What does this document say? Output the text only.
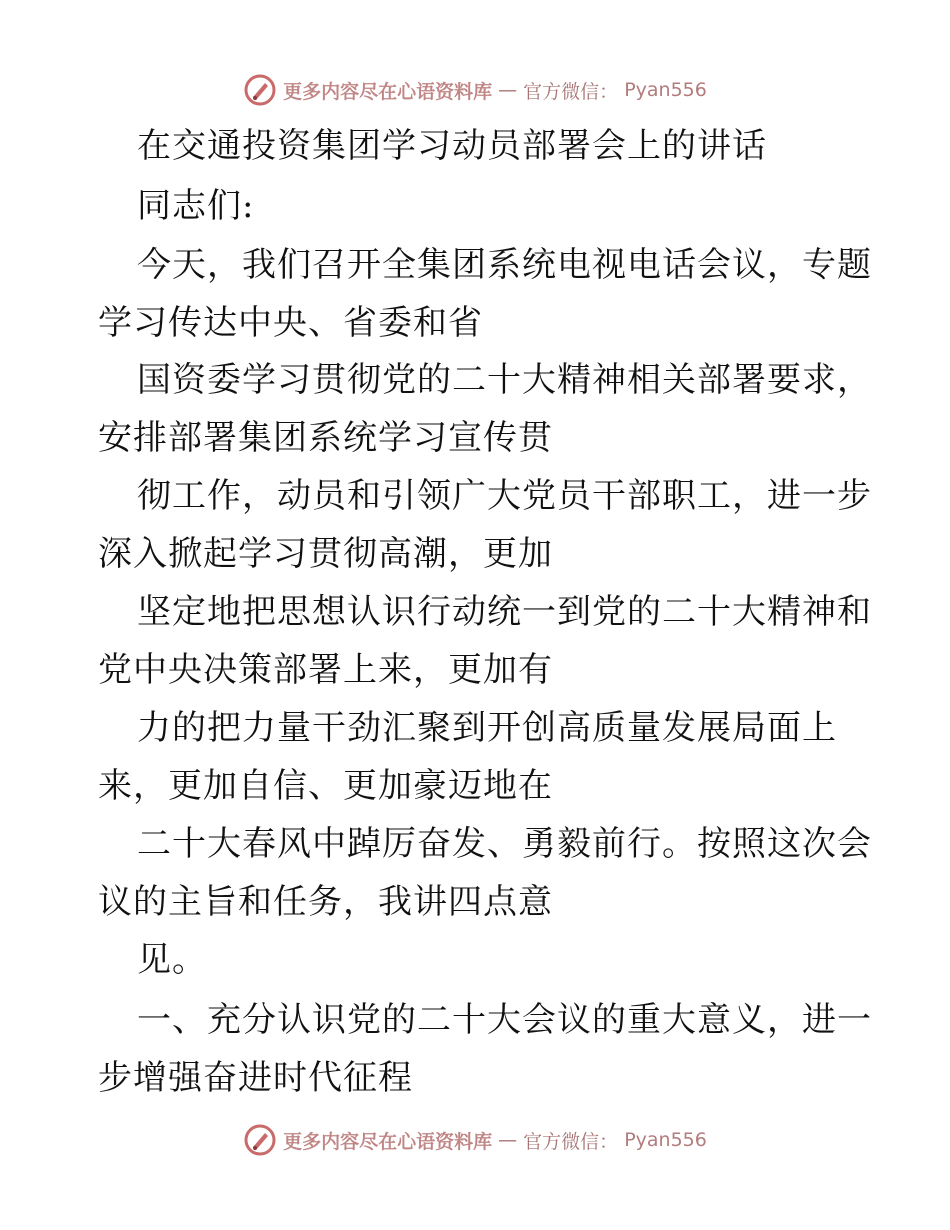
更多内容尽在心语资料库 — 官方微信： Pyan556
在交通投资集团学习动员部署会上的讲话
同志们:
今天，我们召开全集团系统电视电话会议，专题
学习传达中央、省委和省
国资委学习贯彻党的二十大精神相关部署要求，
安排部署集团系统学习宣传贯
彻工作，动员和引领广大党员干部职工，进一步
深入掀起学习贯彻高潮，更加
坚定地把思想认识行动统一到党的二十大精神和
党中央决策部署上来，更加有
力的把力量干劲汇聚到开创高质量发展局面上
来，更加自信、更加豪迈地在
二十大春风中踔厉奋发、勇毅前行。按照这次会
议的主旨和任务，我讲四点意
见。
一、充分认识党的二十大会议的重大意义，进一
步增强奋进时代征程
更多内容尽在心语资料库 — 官方微信： Pyan556
